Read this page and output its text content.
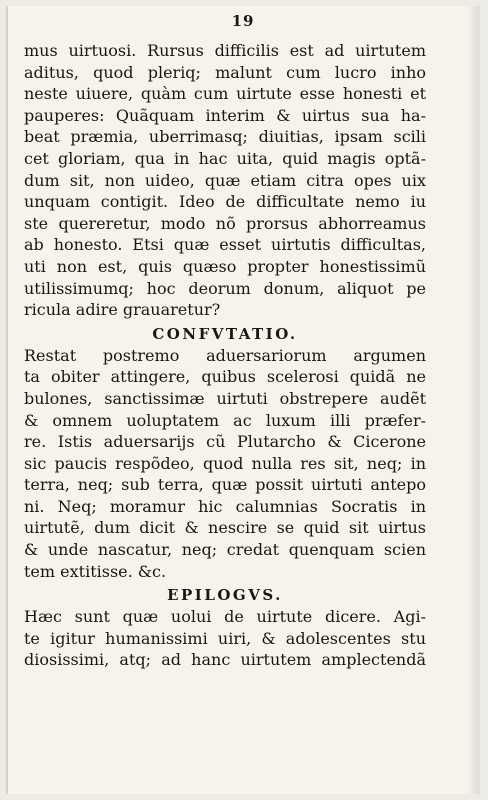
19
mus uirtuosi. Rursus difficilis est ad uirtutem
aditus, quod pleriq; malunt cum lucro inho
neste uiuere, quàm cum uirtute esse honesti et
pauperes: Quãquam interim & uirtus sua ha-
beat præmia, uberrimasq; diuitias, ipsam scili
cet gloriam, qua in hac uita, quid magis optã-
dum sit, non uideo, quæ etiam citra opes uix
unquam contigit. Ideo de difficultate nemo iu
ste quereretur, modo nõ prorsus abhorreamus
ab honesto. Etsi quæ esset uirtutis difficultas,
uti non est, quis quæso propter honestissimũ
utilissimumq; hoc deorum donum, aliquot pe
ricula adire grauaretur?
CONFVTATIO.
Restat postremo aduersariorum argumen
ta obiter attingere, quibus scelerosi quidã ne
bulones, sanctissimæ uirtuti obstrepere audẽt
& omnem uoluptatem ac luxum illi præfer-
re. Istis aduersarijs cũ Plutarcho & Cicerone
sic paucis respõdeo, quod nulla res sit, neq; in
terra, neq; sub terra, quæ possit uirtuti antepo
ni. Neq; moramur hic calumnias Socratis in
uirtutẽ, dum dicit & nescire se quid sit uirtus
& unde nascatur, neq; credat quenquam scien
tem extitisse. &c.
EPILOGVS.
Hæc sunt quæ uolui de uirtute dicere. Agi-
te igitur humanissimi uiri, & adolescentes stu
diosissimi, atq; ad hanc uirtutem amplectendã
